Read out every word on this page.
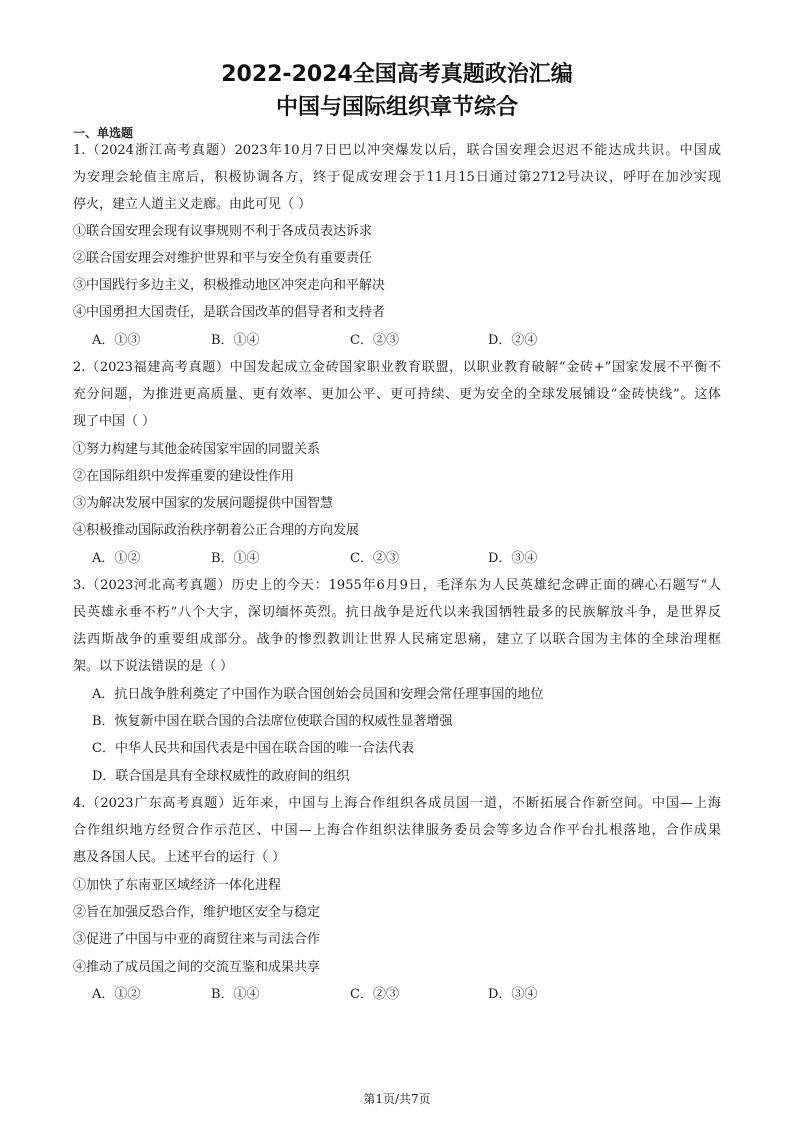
2022-2024全国高考真题政治汇编
中国与国际组织章节综合
一、单选题
1.（2024浙江高考真题）2023年10月7日巴以冲突爆发以后，联合国安理会迟迟不能达成共识。中国成
为安理会轮值主席后，积极协调各方，终于促成安理会于11月15日通过第2712号决议，呼吁在加沙实现
停火，建立人道主义走廊。由此可见（ ）
①联合国安理会现有议事规则不利于各成员表达诉求
②联合国安理会对维护世界和平与安全负有重要责任
③中国践行多边主义，积极推动地区冲突走向和平解决
④中国勇担大国责任，是联合国改革的倡导者和支持者
A．①③	B．①④	C．②③	D．②④
2.（2023福建高考真题）中国发起成立金砖国家职业教育联盟，以职业教育破解“金砖+”国家发展不平衡不
充分问题，为推进更高质量、更有效率、更加公平、更可持续、更为安全的全球发展铺设“金砖快线”。这体
现了中国（ ）
①努力构建与其他金砖国家牢固的同盟关系
②在国际组织中发挥重要的建设性作用
③为解决发展中国家的发展问题提供中国智慧
④积极推动国际政治秩序朝着公正合理的方向发展
A．①②	B．①④	C．②③	D．③④
3.（2023河北高考真题）历史上的今天：1955年6月9日，毛泽东为人民英雄纪念碑正面的碑心石题写“人
民英雄永垂不朽”八个大字，深切缅怀英烈。抗日战争是近代以来我国牺牲最多的民族解放斗争，是世界反
法西斯战争的重要组成部分。战争的惨烈教训让世界人民痛定思痛，建立了以联合国为主体的全球治理框
架。以下说法错误的是（ ）
A．抗日战争胜利奠定了中国作为联合国创始会员国和安理会常任理事国的地位
B．恢复新中国在联合国的合法席位使联合国的权威性显著增强
C．中华人民共和国代表是中国在联合国的唯一合法代表
D．联合国是具有全球权威性的政府间的组织
4.（2023广东高考真题）近年来，中国与上海合作组织各成员国一道，不断拓展合作新空间。中国—上海
合作组织地方经贸合作示范区、中国—上海合作组织法律服务委员会等多边合作平台扎根落地，合作成果
惠及各国人民。上述平台的运行（ ）
①加快了东南亚区域经济一体化进程
②旨在加强反恐合作，维护地区安全与稳定
③促进了中国与中亚的商贸往来与司法合作
④推动了成员国之间的交流互鉴和成果共享
A．①②	B．①④	C．②③	D．③④
第1页/共7页
